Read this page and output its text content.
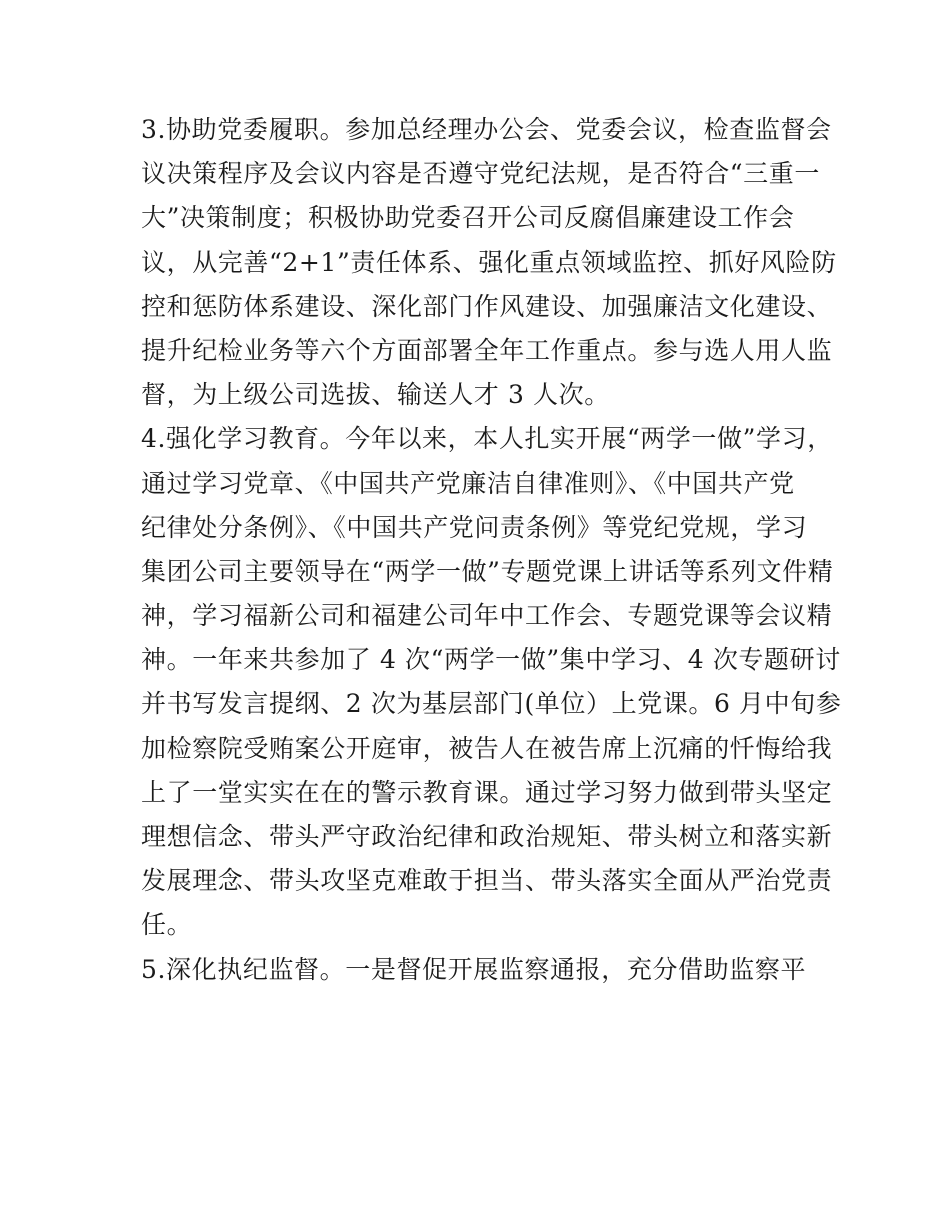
3.协助党委履职。参加总经理办公会、党委会议，检查监督会
议决策程序及会议内容是否遵守党纪法规，是否符合“三重一
大”决策制度；积极协助党委召开公司反腐倡廉建设工作会
议，从完善“2+1”责任体系、强化重点领域监控、抓好风险防
控和惩防体系建设、深化部门作风建设、加强廉洁文化建设、
提升纪检业务等六个方面部署全年工作重点。参与选人用人监
督，为上级公司选拔、输送人才 3 人次。
4.强化学习教育。今年以来，本人扎实开展“两学一做”学习，
通过学习党章、《中国共产党廉洁自律准则》、《中国共产党
纪律处分条例》、《中国共产党问责条例》等党纪党规，学习
集团公司主要领导在“两学一做”专题党课上讲话等系列文件精
神，学习福新公司和福建公司年中工作会、专题党课等会议精
神。一年来共参加了 4 次“两学一做”集中学习、4 次专题研讨
并书写发言提纲、2 次为基层部门(单位）上党课。6 月中旬参
加检察院受贿案公开庭审，被告人在被告席上沉痛的忏悔给我
上了一堂实实在在的警示教育课。通过学习努力做到带头坚定
理想信念、带头严守政治纪律和政治规矩、带头树立和落实新
发展理念、带头攻坚克难敢于担当、带头落实全面从严治党责
任。
5.深化执纪监督。一是督促开展监察通报，充分借助监察平
